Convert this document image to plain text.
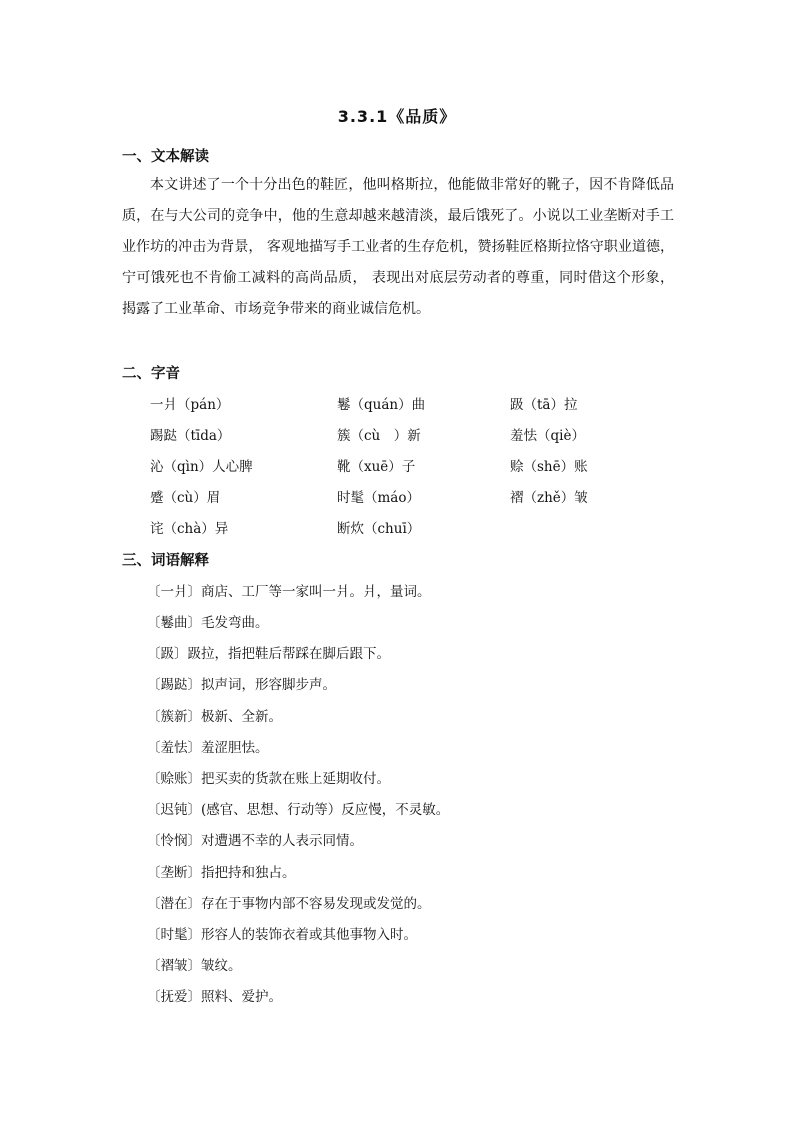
3.3.1《品质》
一、文本解读
本文讲述了一个十分出色的鞋匠，他叫格斯拉，他能做非常好的靴子，因不肯降低品质，在与大公司的竞争中，他的生意却越来越清淡，最后饿死了。小说以工业垄断对手工业作坊的冲击为背景， 客观地描写手工业者的生存危机，赞扬鞋匠格斯拉恪守职业道德， 宁可饿死也不肯偷工减料的高尚品质， 表现出对底层劳动者的尊重，同时借这个形象， 揭露了工业革命、市场竞争带来的商业诚信危机。
二、字音
一爿（pán）	鬈（quán）曲	趿（tā）拉
踢跶（tīda）	簇（cù　）新	羞怯（qiè）
沁（qìn）人心脾	靴（xuē）子	赊（shē）账
蹙（cù）眉	时髦（máo）	褶（zhě）皱
诧（chà）异	断炊（chuī）
三、词语解释
〔一爿〕商店、工厂等一家叫一爿。爿，量词。
〔鬈曲〕毛发弯曲。
〔趿〕趿拉，指把鞋后帮踩在脚后跟下。
〔踢跶〕拟声词，形容脚步声。
〔簇新〕极新、全新。
〔羞怯〕羞涩胆怯。
〔赊账〕把买卖的货款在账上延期收付。
〔迟钝〕(感官、思想、行动等）反应慢，不灵敏。
〔怜悯〕对遭遇不幸的人表示同情。
〔垄断〕指把持和独占。
〔潜在〕存在于事物内部不容易发现或发觉的。
〔时髦〕形容人的装饰衣着或其他事物入时。
〔褶皱〕皱纹。
〔抚爱〕照料、爱护。
